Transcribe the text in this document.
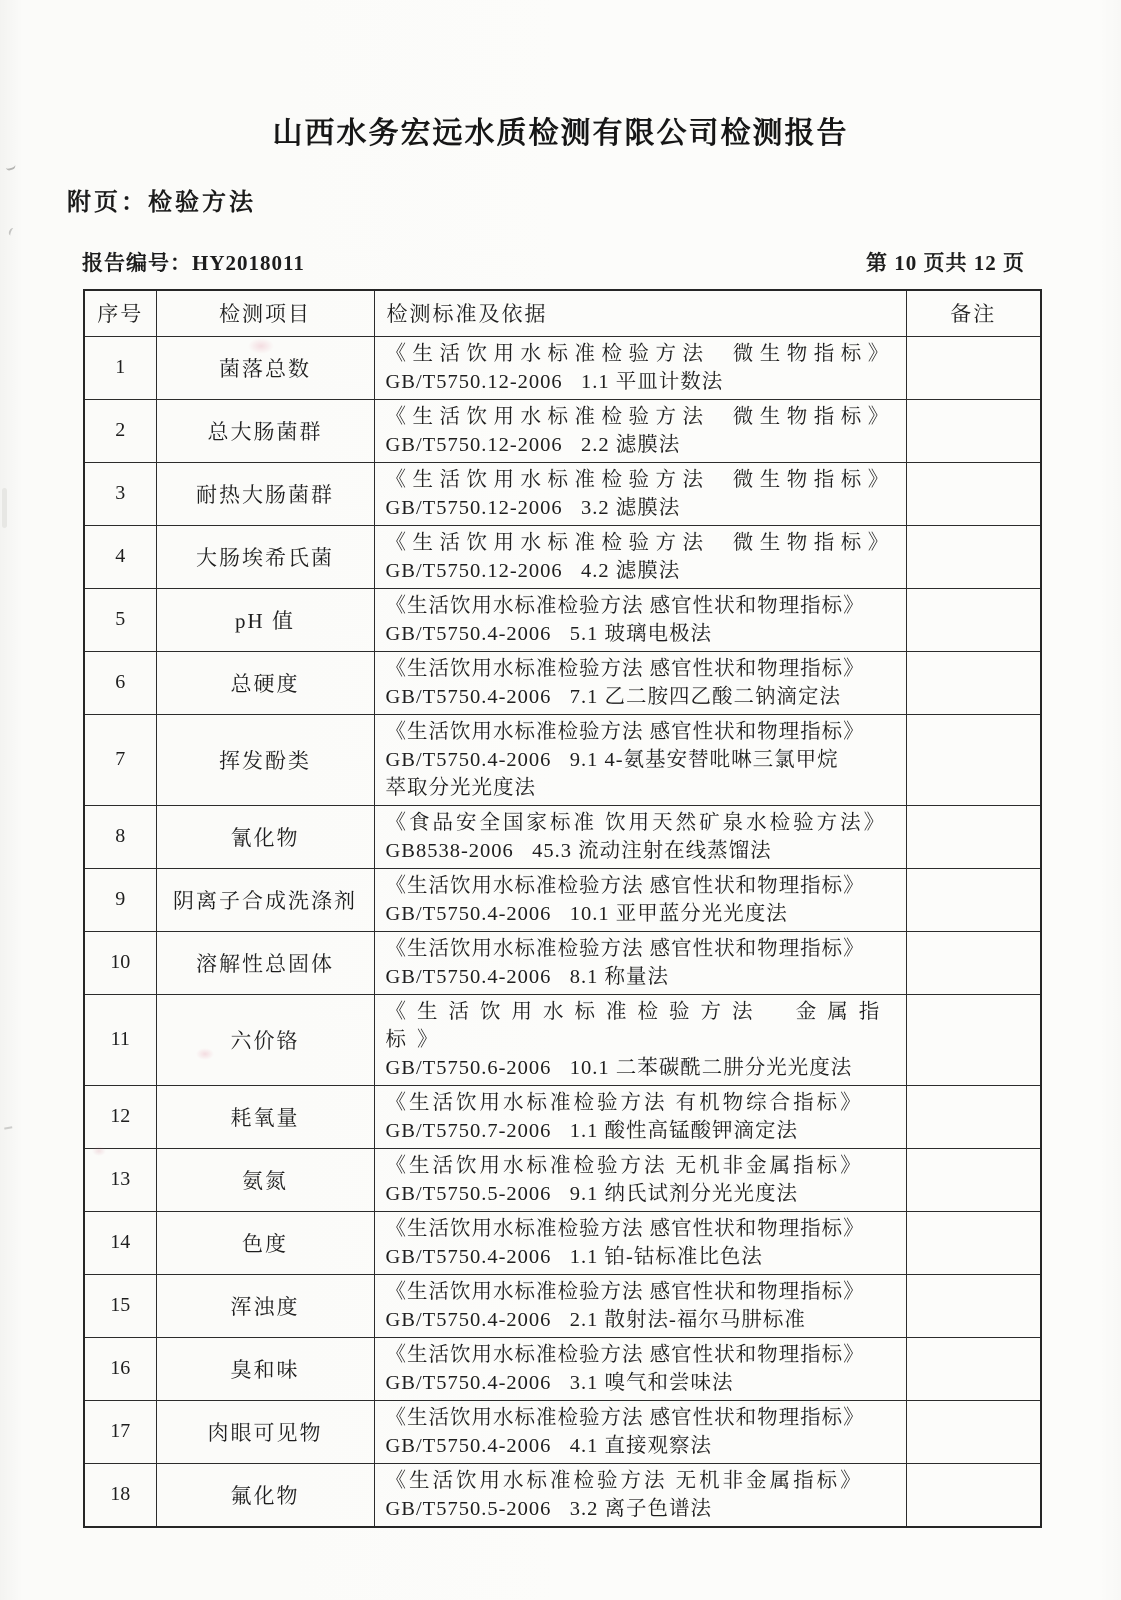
山西水务宏远水质检测有限公司检测报告
附页：检验方法
报告编号：HY2018011	第 10 页共 12 页
序号	检测项目	检测标准及依据	备注
1	菌落总数	《生活饮用水标准检验方法  微生物指标》
GB/T5750.12-2006   1.1 平皿计数法	

2	总大肠菌群	《生活饮用水标准检验方法  微生物指标》
GB/T5750.12-2006   2.2 滤膜法	

3	耐热大肠菌群	《生活饮用水标准检验方法  微生物指标》
GB/T5750.12-2006   3.2 滤膜法	

4	大肠埃希氏菌	《生活饮用水标准检验方法  微生物指标》
GB/T5750.12-2006   4.2 滤膜法	

5	pH 值	《生活饮用水标准检验方法 感官性状和物理指标》
GB/T5750.4-2006   5.1 玻璃电极法	

6	总硬度	《生活饮用水标准检验方法 感官性状和物理指标》
GB/T5750.4-2006   7.1 乙二胺四乙酸二钠滴定法	

7	挥发酚类	《生活饮用水标准检验方法 感官性状和物理指标》
GB/T5750.4-2006   9.1 4-氨基安替吡啉三氯甲烷
萃取分光光度法	

8	氰化物	《食品安全国家标准 饮用天然矿泉水检验方法》
GB8538-2006   45.3 流动注射在线蒸馏法	

9	阴离子合成洗涤剂	《生活饮用水标准检验方法 感官性状和物理指标》
GB/T5750.4-2006   10.1 亚甲蓝分光光度法	

10	溶解性总固体	《生活饮用水标准检验方法 感官性状和物理指标》
GB/T5750.4-2006   8.1 称量法	

11	六价铬	《生活饮用水标准检验方法  金属指标》
GB/T5750.6-2006   10.1 二苯碳酰二肼分光光度法	

12	耗氧量	《生活饮用水标准检验方法 有机物综合指标》
GB/T5750.7-2006   1.1 酸性高锰酸钾滴定法	

13	氨氮	《生活饮用水标准检验方法 无机非金属指标》
GB/T5750.5-2006   9.1 纳氏试剂分光光度法	

14	色度	《生活饮用水标准检验方法 感官性状和物理指标》
GB/T5750.4-2006   1.1 铂-钴标准比色法	

15	浑浊度	《生活饮用水标准检验方法 感官性状和物理指标》
GB/T5750.4-2006   2.1 散射法-福尔马肼标准	

16	臭和味	《生活饮用水标准检验方法 感官性状和物理指标》
GB/T5750.4-2006   3.1 嗅气和尝味法	

17	肉眼可见物	《生活饮用水标准检验方法 感官性状和物理指标》
GB/T5750.4-2006   4.1 直接观察法	

18	氟化物	《生活饮用水标准检验方法 无机非金属指标》
GB/T5750.5-2006   3.2 离子色谱法	
